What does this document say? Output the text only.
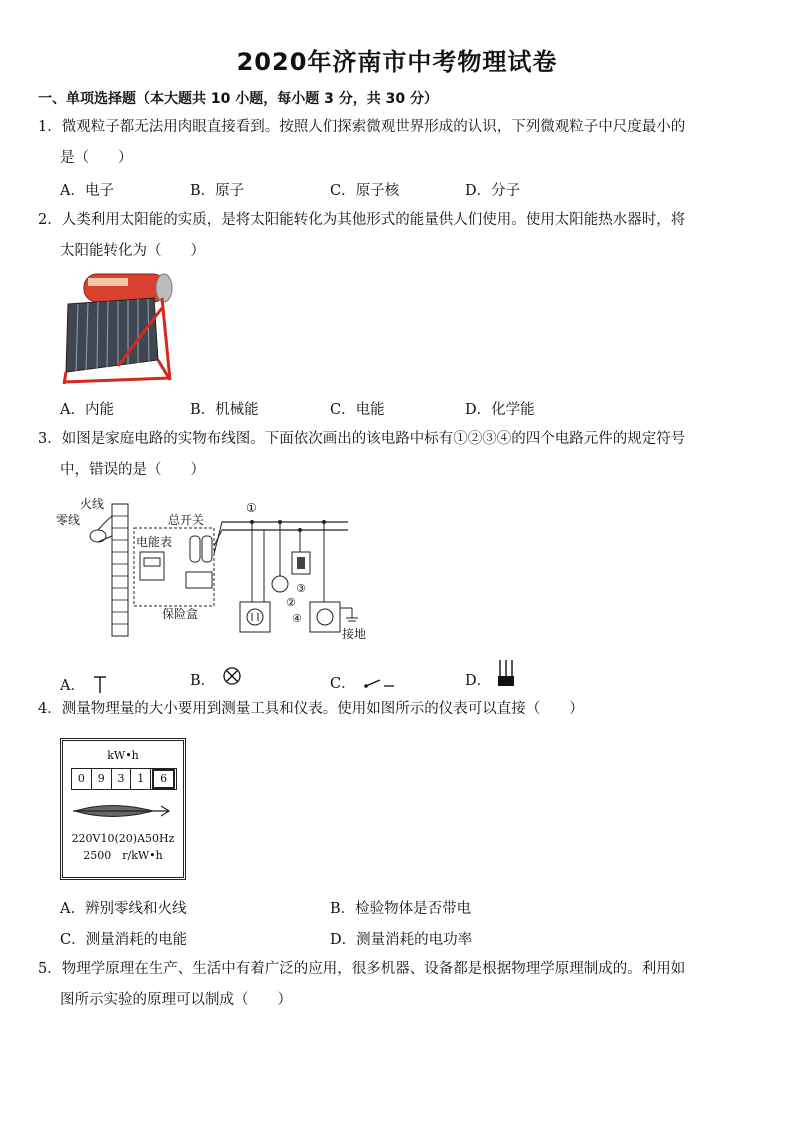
2020年济南市中考物理试卷
一、单项选择题（本大题共 10 小题，每小题 3 分，共 30 分）
1．微观粒子都无法用肉眼直接看到。按照人们探索微观世界形成的认识，下列微观粒子中尺度最小的
是（　　）
A．电子	B．原子	C．原子核	D．分子
2．人类利用太阳能的实质，是将太阳能转化为其他形式的能量供人们使用。使用太阳能热水器时，将
太阳能转化为（　　）
A．内能	B．机械能	C．电能	D．化学能
3．如图是家庭电路的实物布线图。下面依次画出的该电路中标有①②③④的四个电路元件的规定符号
中，错误的是（　　）
火线
零线	总开关
电能表
保险盒
①
②
③
④
接地
A．	B．	C．	D．
4．测量物理量的大小要用到测量工具和仪表。使用如图所示的仪表可以直接（　　）
kW•h
0	9	3	1	6
220V10(20)A50Hz
2500　r/kW•h
A．辨别零线和火线	B．检验物体是否带电
C．测量消耗的电能	D．测量消耗的电功率
5．物理学原理在生产、生活中有着广泛的应用，很多机器、设备都是根据物理学原理制成的。利用如
图所示实验的原理可以制成（　　）
